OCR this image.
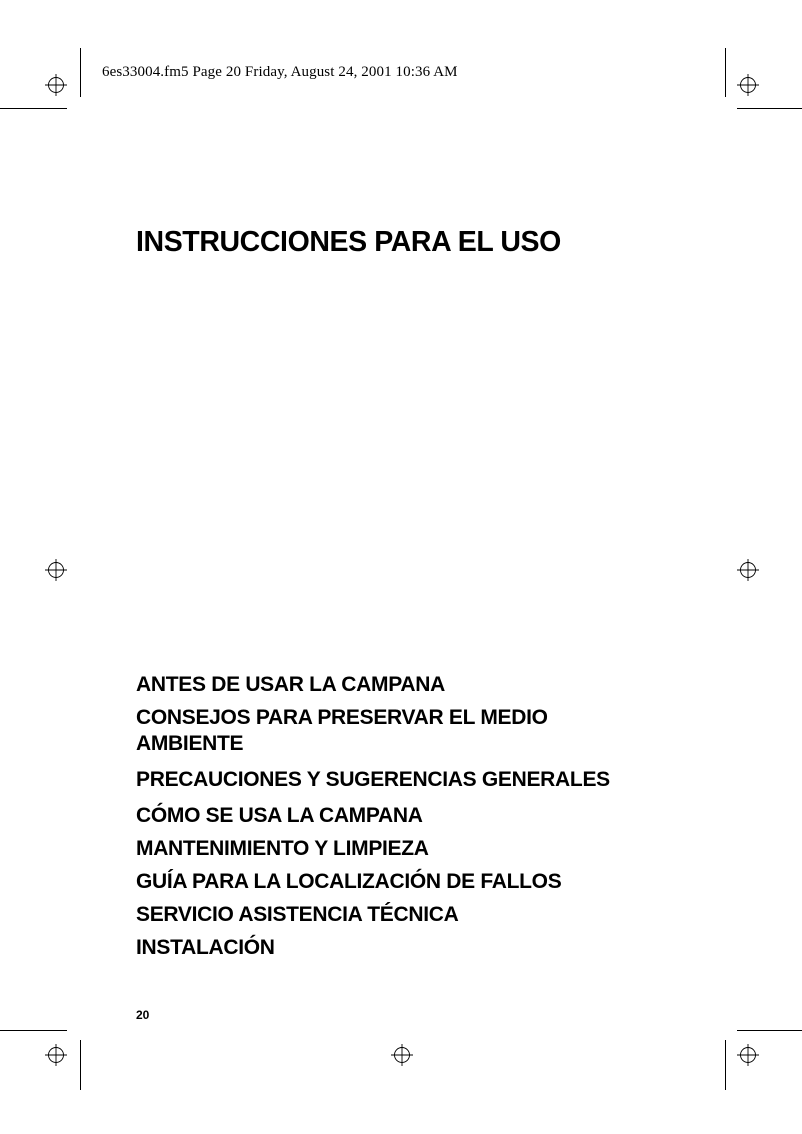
6es33004.fm5 Page 20 Friday, August 24, 2001 10:36 AM
INSTRUCCIONES PARA EL USO
ANTES DE USAR LA CAMPANA
CONSEJOS PARA PRESERVAR EL MEDIO AMBIENTE
PRECAUCIONES Y SUGERENCIAS GENERALES
CÓMO SE USA LA CAMPANA
MANTENIMIENTO Y LIMPIEZA
GUÍA PARA LA LOCALIZACIÓN DE FALLOS
SERVICIO ASISTENCIA TÉCNICA
INSTALACIÓN
20
